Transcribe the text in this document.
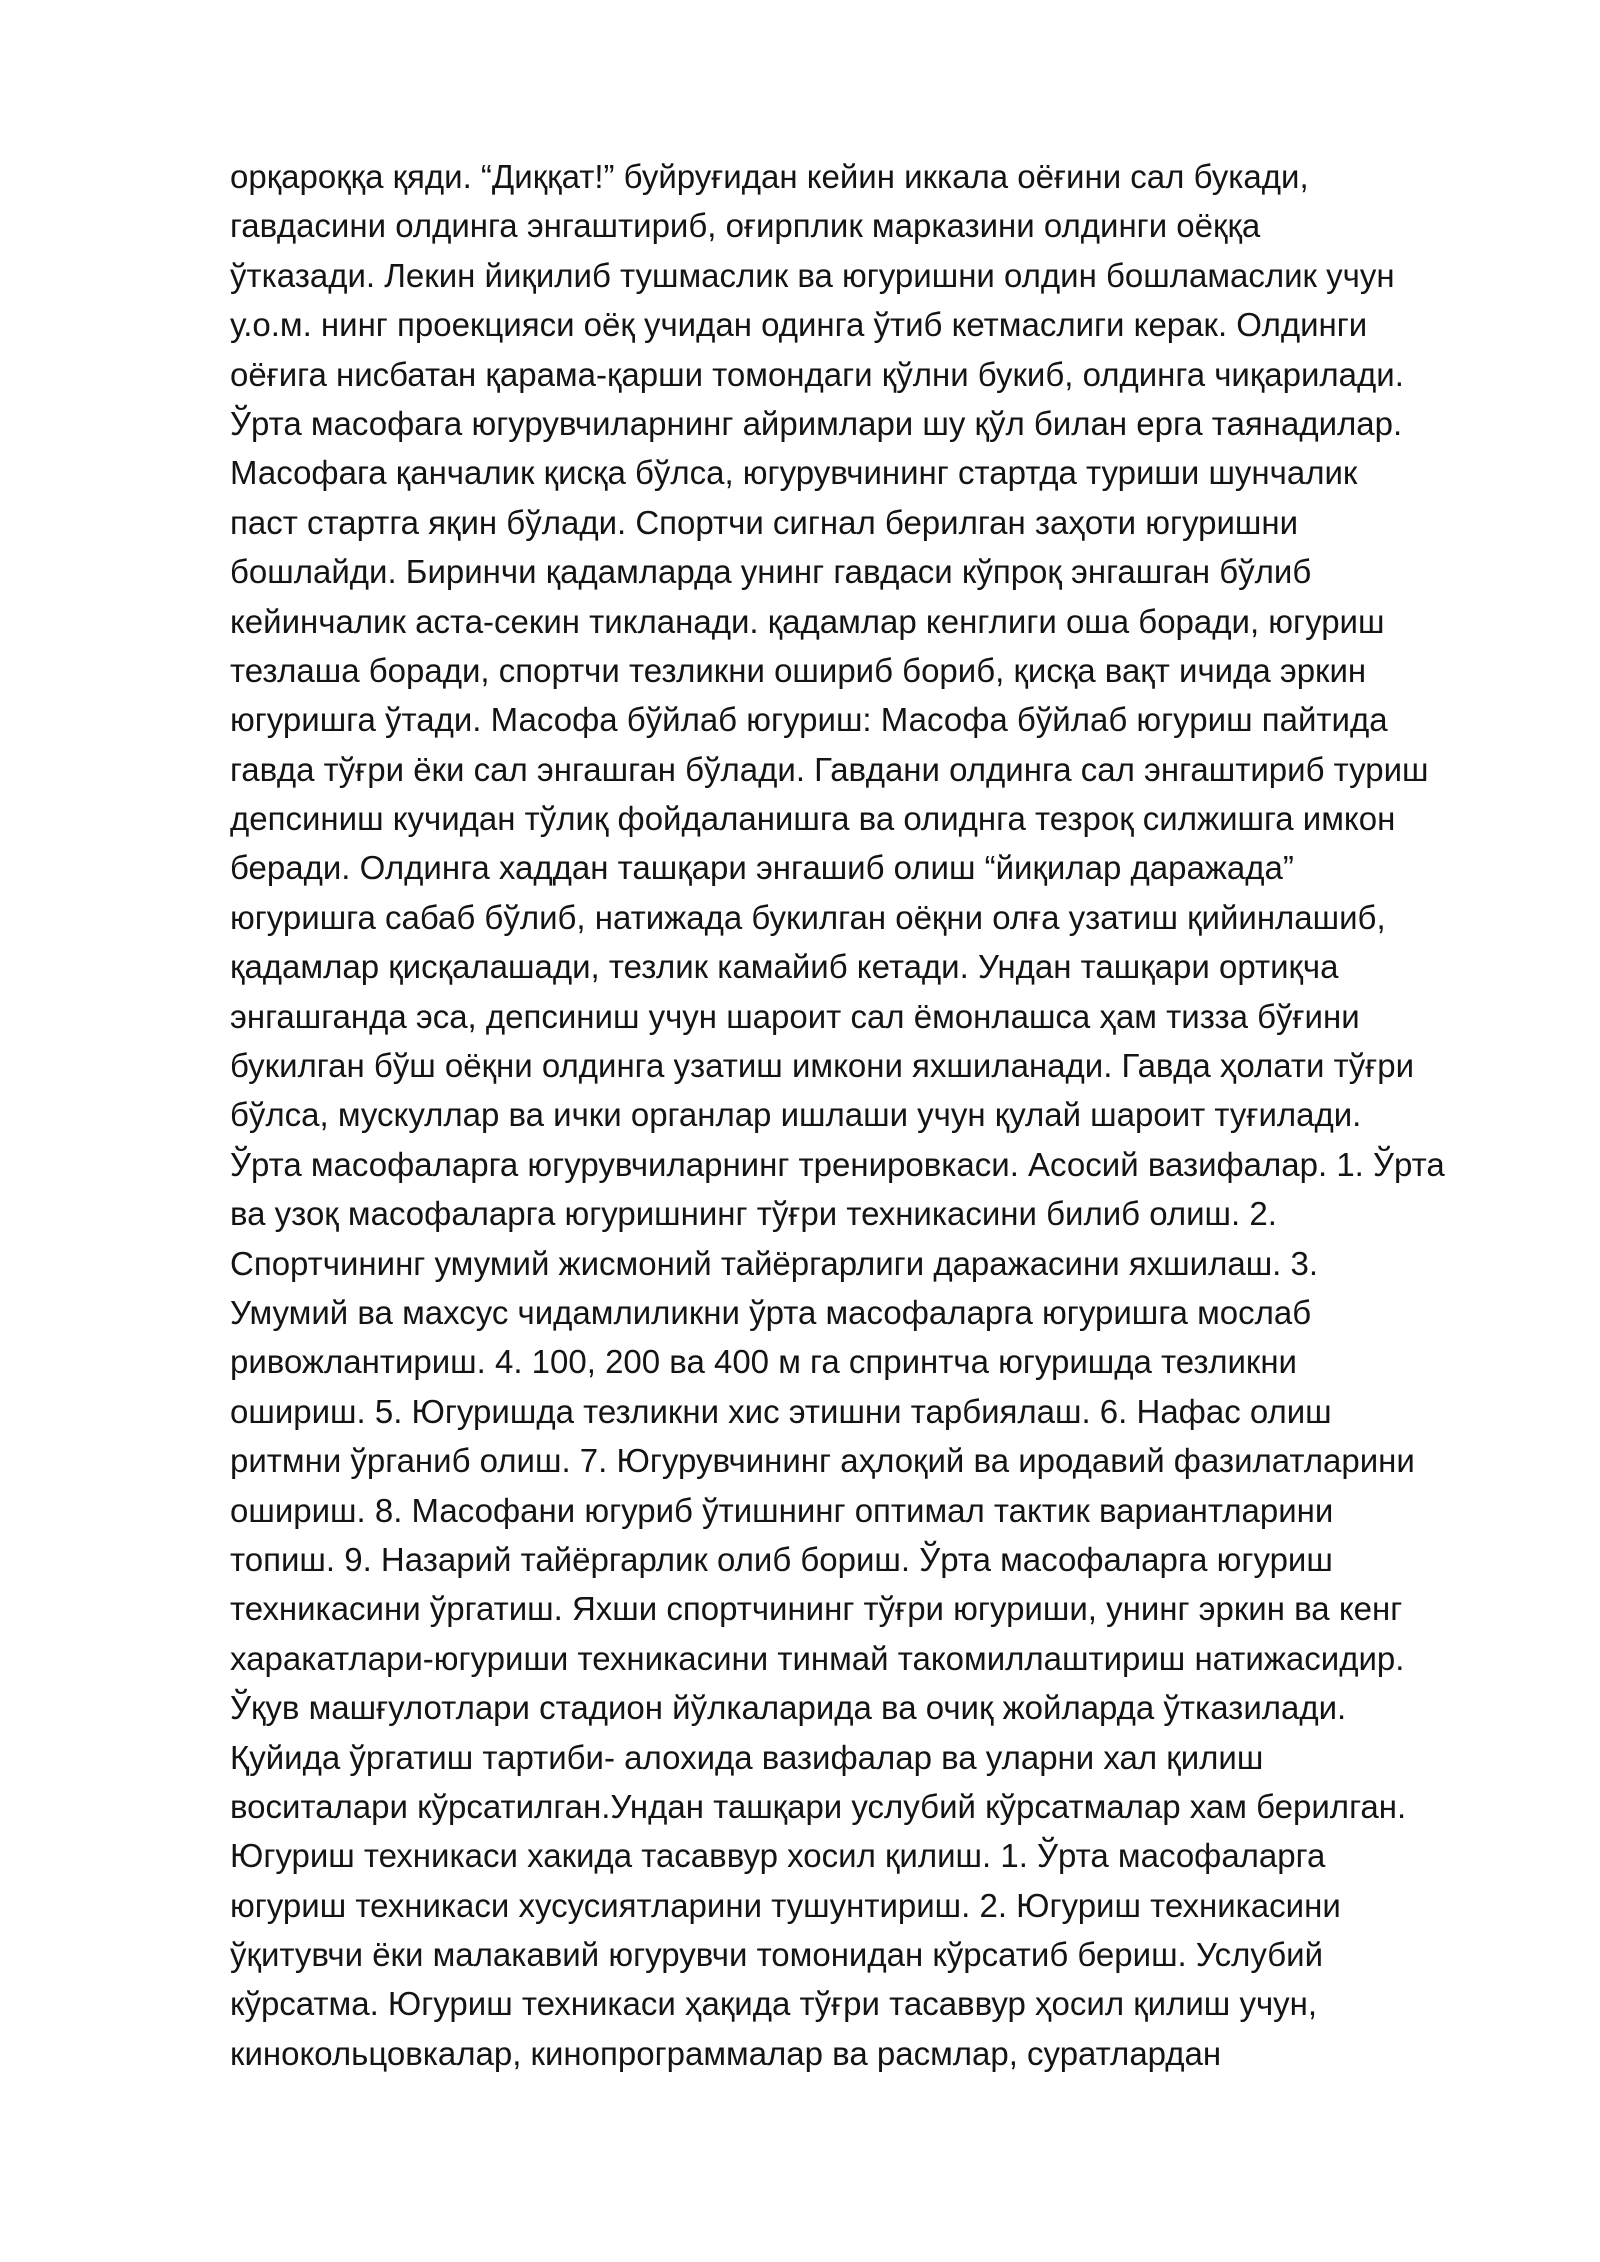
орқароққа қяди. “Диққат!” буйруғидан кейин иккала оёғини сал букади,
гавдасини олдинга энгаштириб, оғирплик марказини олдинги оёққа
ўтказади. Лекин йиқилиб тушмаслик ва югуришни олдин бошламаслик учун
у.о.м. нинг проекцияси оёқ учидан одинга ўтиб кетмаслиги керак. Олдинги
оёғига нисбатан қарама-қарши томондаги қўлни букиб, олдинга чиқарилади.
Ўрта масофага югурувчиларнинг айримлари шу қўл билан ерга таянадилар.
Масофага қанчалик қисқа бўлса, югурувчининг стартда туриши шунчалик
паст стартга яқин бўлади. Спортчи сигнал берилган заҳоти югуришни
бошлайди. Биринчи қадамларда унинг гавдаси кўпроқ энгашган бўлиб
кейинчалик аста-секин тикланади. қадамлар кенглиги оша боради, югуриш
тезлаша боради, спортчи тезликни ошириб бориб, қисқа вақт ичида эркин
югуришга ўтади. Масофа бўйлаб югуриш: Масофа бўйлаб югуриш пайтида
гавда тўғри ёки сал энгашган бўлади. Гавдани олдинга сал энгаштириб туриш
депсиниш кучидан тўлиқ фойдаланишга ва олиднга тезроқ силжишга имкон
беради. Олдинга хаддан ташқари энгашиб олиш “йиқилар даражада”
югуришга сабаб бўлиб, натижада букилган оёқни олға узатиш қийинлашиб,
қадамлар қисқалашади, тезлик камайиб кетади. Ундан ташқари ортиқча
энгашганда эса, депсиниш учун шароит сал ёмонлашса ҳам тизза бўғини
букилган бўш оёқни олдинга узатиш имкони яхшиланади. Гавда ҳолати тўғри
бўлса, мускуллар ва ички органлар ишлаши учун қулай шароит туғилади.
Ўрта масофаларга югурувчиларнинг тренировкаси. Асосий вазифалар. 1. Ўрта
ва узоқ масофаларга югуришнинг тўғри техникасини билиб олиш. 2.
Спортчининг умумий жисмоний тайёргарлиги даражасини яхшилаш. 3.
Умумий ва махсус чидамлиликни ўрта масофаларга югуришга мослаб
ривожлантириш. 4. 100, 200 ва 400 м га спринтча югуришда тезликни
ошириш. 5. Югуришда тезликни хис этишни тарбиялаш. 6. Нафас олиш
ритмни ўрганиб олиш. 7. Югурувчининг аҳлоқий ва иродавий фазилатларини
ошириш. 8. Масофани югуриб ўтишнинг оптимал тактик вариантларини
топиш. 9. Назарий тайёргарлик олиб бориш. Ўрта масофаларга югуриш
техникасини ўргатиш. Яхши спортчининг тўғри югуриши, унинг эркин ва кенг
харакатлари-югуриши техникасини тинмай такомиллаштириш натижасидир.
Ўқув машғулотлари стадион йўлкаларида ва очиқ жойларда ўтказилади.
Қуйида ўргатиш тартиби- алохида вазифалар ва уларни хал қилиш
воситалари кўрсатилган.Ундан ташқари услубий кўрсатмалар хам берилган.
Югуриш техникаси хакида тасаввур хосил қилиш. 1. Ўрта масофаларга
югуриш техникаси хусусиятларини тушунтириш. 2. Югуриш техникасини
ўқитувчи ёки малакавий югурувчи томонидан кўрсатиб бериш. Услубий
кўрсатма. Югуриш техникаси ҳақида тўғри тасаввур ҳосил қилиш учун,
кинокольцовкалар, кинопрограммалар ва расмлар, суратлардан
